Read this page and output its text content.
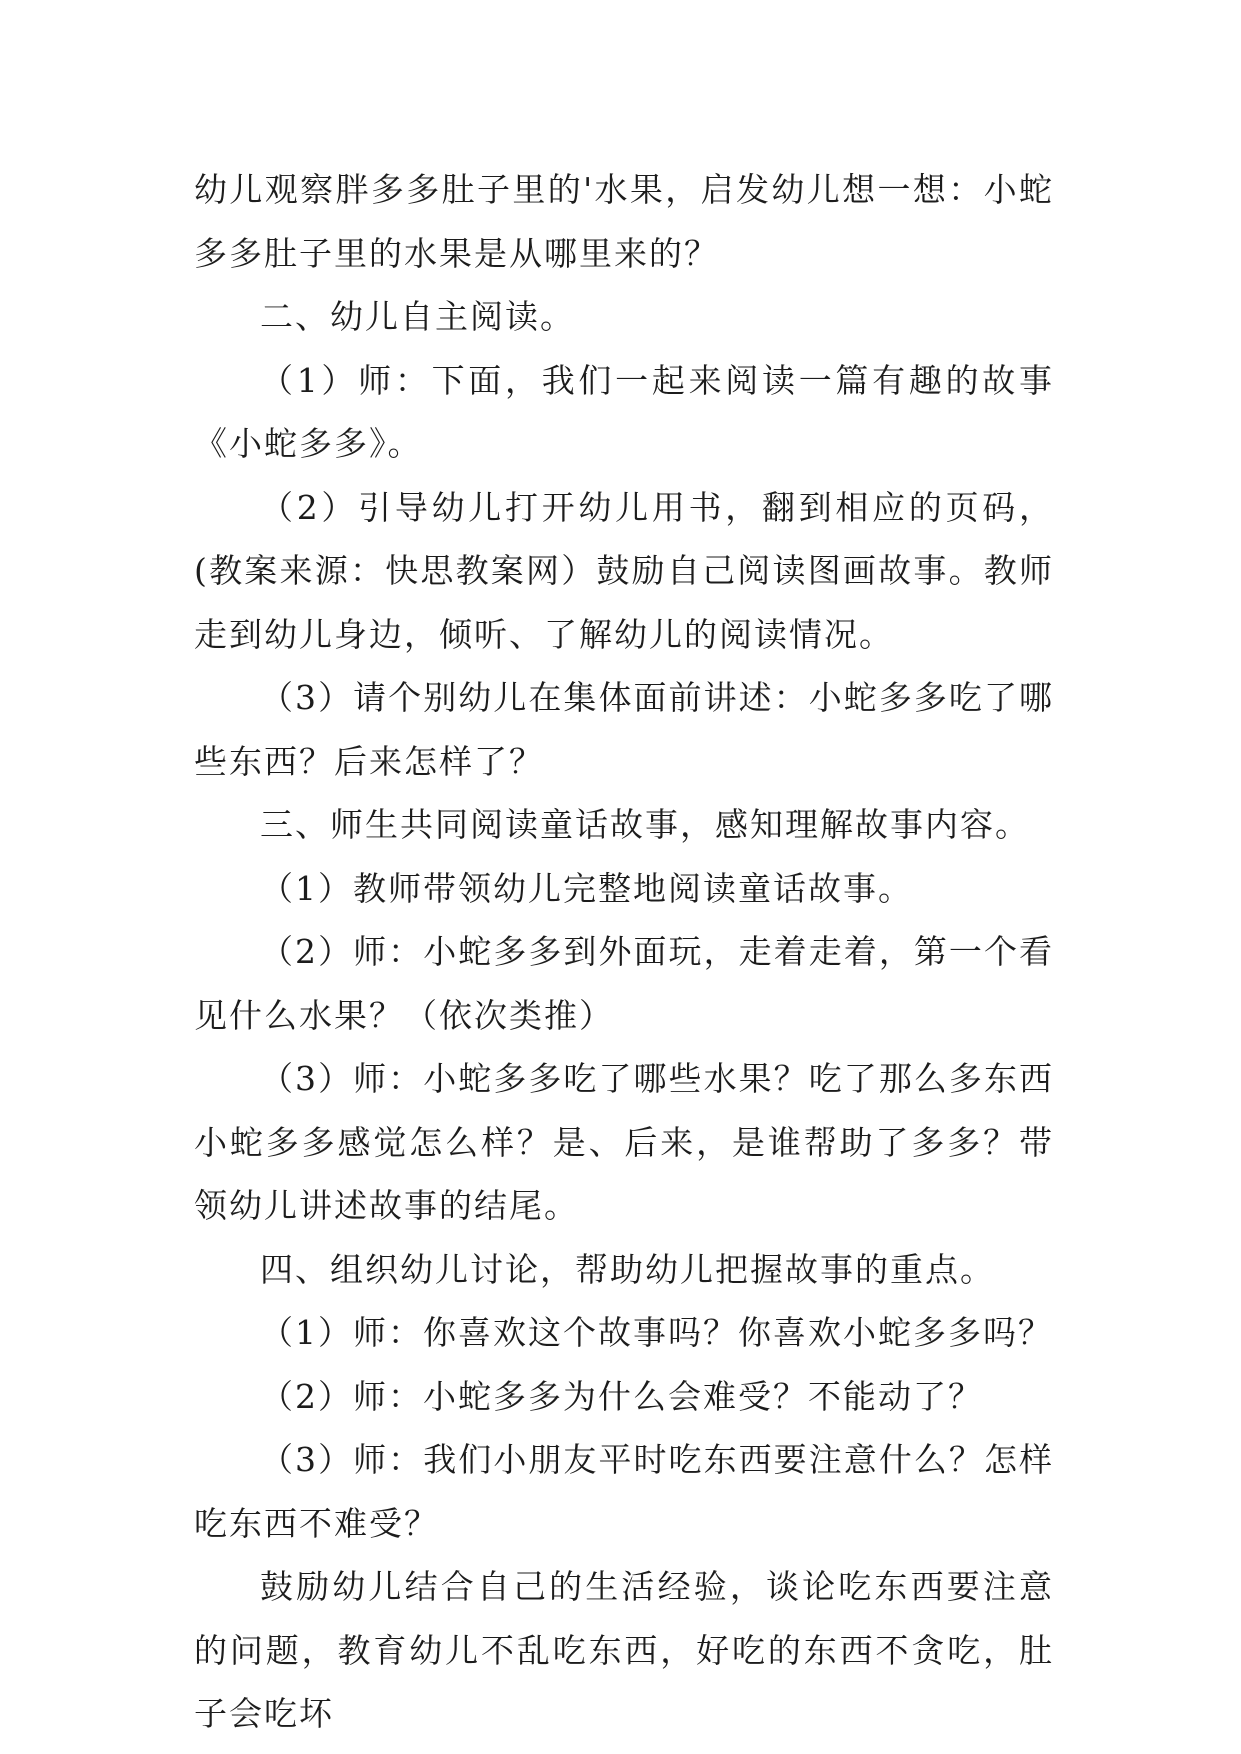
幼儿观察胖多多肚子里的'水果，启发幼儿想一想：小蛇多多肚子里的水果是从哪里来的？

二、幼儿自主阅读。

（1）师：下面，我们一起来阅读一篇有趣的故事《小蛇多多》。

（2）引导幼儿打开幼儿用书，翻到相应的页码，(教案来源：快思教案网）鼓励自己阅读图画故事。教师走到幼儿身边，倾听、了解幼儿的阅读情况。

（3）请个别幼儿在集体面前讲述：小蛇多多吃了哪些东西？后来怎样了？

三、师生共同阅读童话故事，感知理解故事内容。

（1）教师带领幼儿完整地阅读童话故事。

（2）师：小蛇多多到外面玩，走着走着，第一个看见什么水果？（依次类推）

（3）师：小蛇多多吃了哪些水果？吃了那么多东西小蛇多多感觉怎么样？是、后来，是谁帮助了多多？带领幼儿讲述故事的结尾。

四、组织幼儿讨论，帮助幼儿把握故事的重点。

（1）师：你喜欢这个故事吗？你喜欢小蛇多多吗？

（2）师：小蛇多多为什么会难受？不能动了？

（3）师：我们小朋友平时吃东西要注意什么？怎样吃东西不难受？

鼓励幼儿结合自己的生活经验，谈论吃东西要注意的问题，教育幼儿不乱吃东西，好吃的东西不贪吃，肚子会吃坏
